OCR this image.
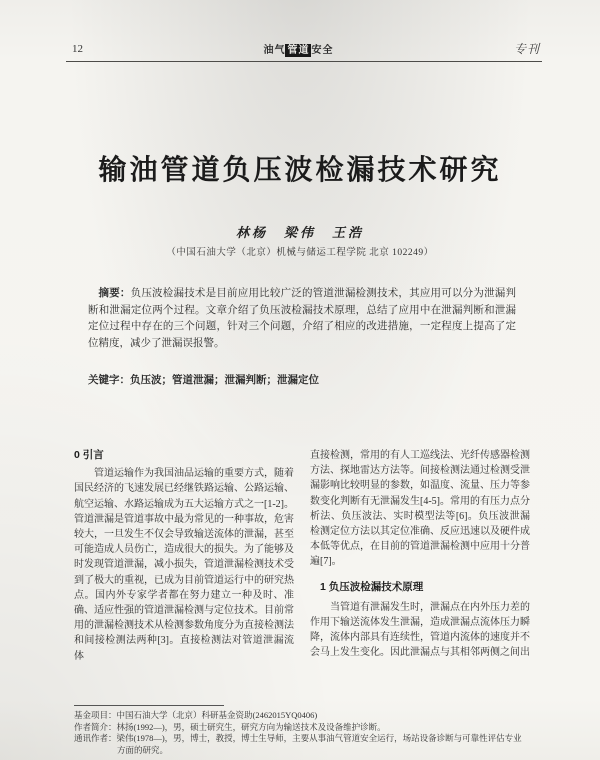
12	油气 管道 安全	专刊
输油管道负压波检漏技术研究
林杨　梁伟　王浩
（中国石油大学（北京）机械与储运工程学院 北京 102249）
摘要：负压波检漏技术是目前应用比较广泛的管道泄漏检测技术，其应用可以分为泄漏判断和泄漏定位两个过程。文章介绍了负压波检漏技术原理，总结了应用中在泄漏判断和泄漏定位过程中存在的三个问题，针对三个问题，介绍了相应的改进措施，一定程度上提高了定位精度，减少了泄漏误报警。
关键字：负压波；管道泄漏；泄漏判断；泄漏定位
0 引言

管道运输作为我国油品运输的重要方式，随着国民经济的飞速发展已经继铁路运输、公路运输、航空运输、水路运输成为五大运输方式之一[1-2]。管道泄漏是管道事故中最为常见的一种事故，危害较大，一旦发生不仅会导致输送流体的泄漏，甚至可能造成人员伤亡，造成很大的损失。为了能够及时发现管道泄漏，减小损失，管道泄漏检测技术受到了极大的重视，已成为目前管道运行中的研究热点。国内外专家学者都在努力建立一种及时、准确、适应性强的管道泄漏检测与定位技术。目前常用的泄漏检测技术从检测参数角度分为直接检测法和间接检测法两种[3]。直接检测法对管道泄漏流体

直接检测，常用的有人工巡线法、光纤传感器检测方法、探地雷达方法等。间接检测法通过检测受泄漏影响比较明显的参数，如温度、流量、压力等参数变化判断有无泄漏发生[4-5]。常用的有压力点分析法、负压波法、实时模型法等[6]。负压波泄漏检测定位方法以其定位准确、反应迅速以及硬件成本低等优点，在目前的管道泄漏检测中应用十分普遍[7]。

1 负压波检漏技术原理

当管道有泄漏发生时，泄漏点在内外压力差的作用下输送流体发生泄漏，造成泄漏点流体压力瞬降，流体内部具有连续性，管道内流体的速度并不会马上发生变化。因此泄漏点与其相邻两侧之间出

基金项目：中国石油大学（北京）科研基金资助(2462015YQ0406)
作者简介：林扬(1992—)，男，硕士研究生，研究方向为输送技术及设备维护诊断。
通讯作者：梁伟(1978—)，男，博士，教授，博士生导师，主要从事油气管道安全运行，场站设备诊断与可靠性评估专业方面的研究。
